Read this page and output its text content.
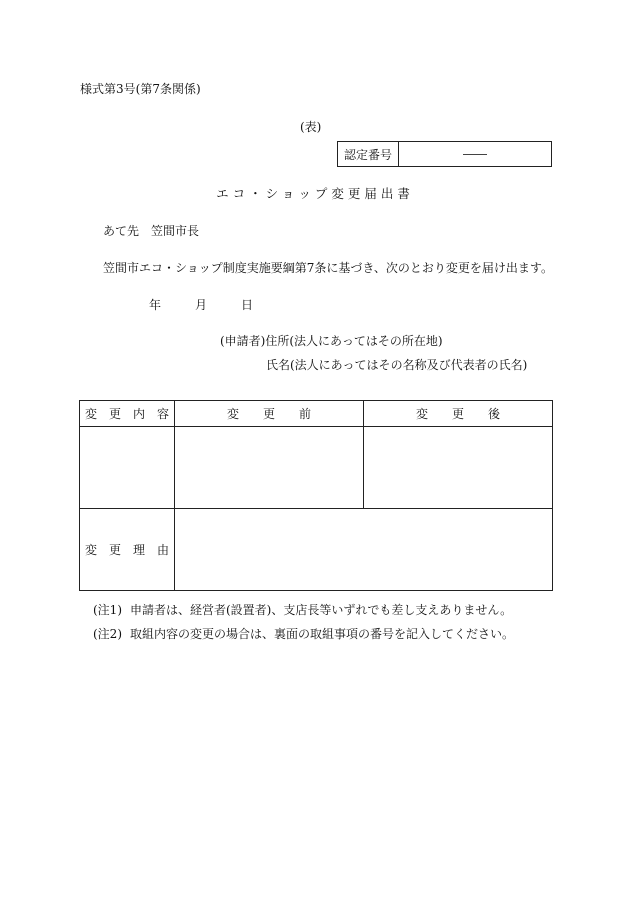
様式第3号(第7条関係)
(表)
認定番号	――
エコ・ショップ変更届出書
あて先　笠間市長
笠間市エコ・ショップ制度実施要綱第7条に基づき、次のとおり変更を届け出ます。
年	月	日
(申請者)住所(法人にあってはその所在地)
氏名(法人にあってはその名称及び代表者の氏名)
変　更　内　容	変　　更　　前	変　　更　　後

変　更　理　由		
(注1) 申請者は、経営者(設置者)、支店長等いずれでも差し支えありません。
(注2) 取組内容の変更の場合は、裏面の取組事項の番号を記入してください。
